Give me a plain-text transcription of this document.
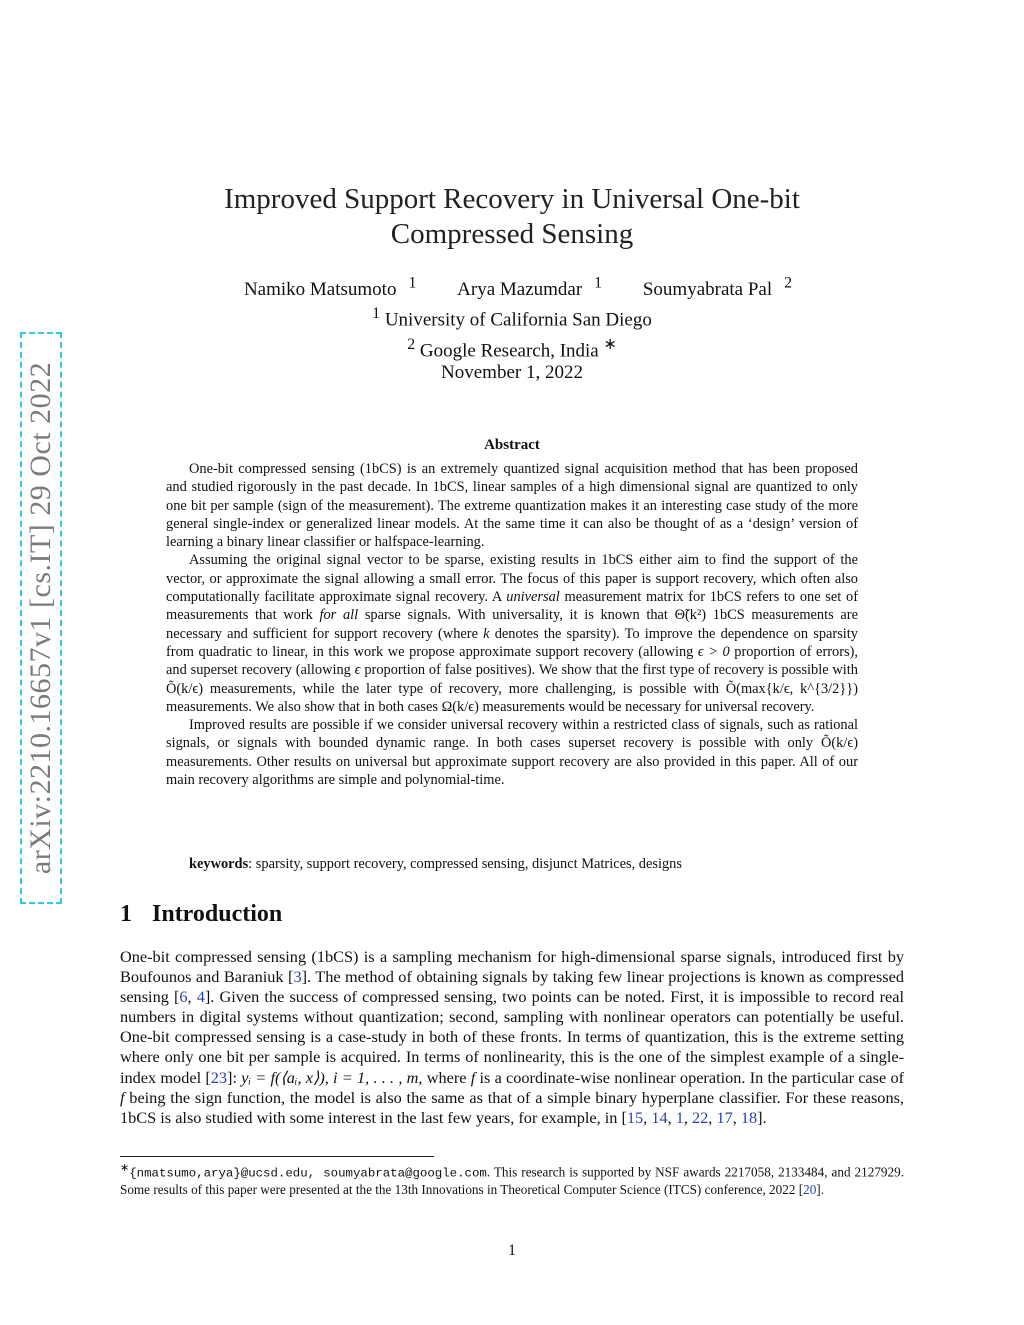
arXiv:2210.16657v1 [cs.IT] 29 Oct 2022
Improved Support Recovery in Universal One-bit
Compressed Sensing
Namiko Matsumoto $^1$ Arya Mazumdar $^1$ Soumyabrata Pal $^2$
$^1$ University of California San Diego
$^2$ Google Research, India ∗
November 1, 2022
Abstract

One-bit compressed sensing (1bCS) is an extremely quantized signal acquisition method that has been proposed and studied rigorously in the past decade. In 1bCS, linear samples of a high dimensional signal are quantized to only one bit per sample (sign of the measurement). The extreme quantization makes it an interesting case study of the more general single-index or generalized linear models. At the same time it can also be thought of as a ‘design’ version of learning a binary linear classifier or halfspace-learning.

Assuming the original signal vector to be sparse, existing results in 1bCS either aim to find the support of the vector, or approximate the signal allowing a small error. The focus of this paper is support recovery, which often also computationally facilitate approximate signal recovery. A universal measurement matrix for 1bCS refers to one set of measurements that work for all sparse signals. With universality, it is known that Θ̃(k²) 1bCS measurements are necessary and sufficient for support recovery (where k denotes the sparsity). To improve the dependence on sparsity from quadratic to linear, in this work we propose approximate support recovery (allowing ϵ > 0 proportion of errors), and superset recovery (allowing ϵ proportion of false positives). We show that the first type of recovery is possible with Õ(k/ϵ) measurements, while the later type of recovery, more challenging, is possible with Õ(max{k/ϵ, k^{3/2}}) measurements. We also show that in both cases Ω(k/ϵ) measurements would be necessary for universal recovery.

Improved results are possible if we consider universal recovery within a restricted class of signals, such as rational signals, or signals with bounded dynamic range. In both cases superset recovery is possible with only Õ(k/ϵ) measurements. Other results on universal but approximate support recovery are also provided in this paper. All of our main recovery algorithms are simple and polynomial-time.

keywords: sparsity, support recovery, compressed sensing, disjunct Matrices, designs
1 Introduction

One-bit compressed sensing (1bCS) is a sampling mechanism for high-dimensional sparse signals, introduced first by Boufounos and Baraniuk [3]. The method of obtaining signals by taking few linear projections is known as compressed sensing [6, 4]. Given the success of compressed sensing, two points can be noted. First, it is impossible to record real numbers in digital systems without quantization; second, sampling with nonlinear operators can potentially be useful. One-bit compressed sensing is a case-study in both of these fronts. In terms of quantization, this is the extreme setting where only one bit per sample is acquired. In terms of nonlinearity, this is the one of the simplest example of a single-index model [23]: yᵢ = f(⟨aᵢ, x⟩), i = 1, . . . , m, where f is a coordinate-wise nonlinear operation. In the particular case of f being the sign function, the model is also the same as that of a simple binary hyperplane classifier. For these reasons, 1bCS is also studied with some interest in the last few years, for example, in [15, 14, 1, 22, 17, 18].

∗{nmatsumo,arya}@ucsd.edu, soumyabrata@google.com. This research is supported by NSF awards 2217058, 2133484, and 2127929. Some results of this paper were presented at the the 13th Innovations in Theoretical Computer Science (ITCS) conference, 2022 [20].

1
